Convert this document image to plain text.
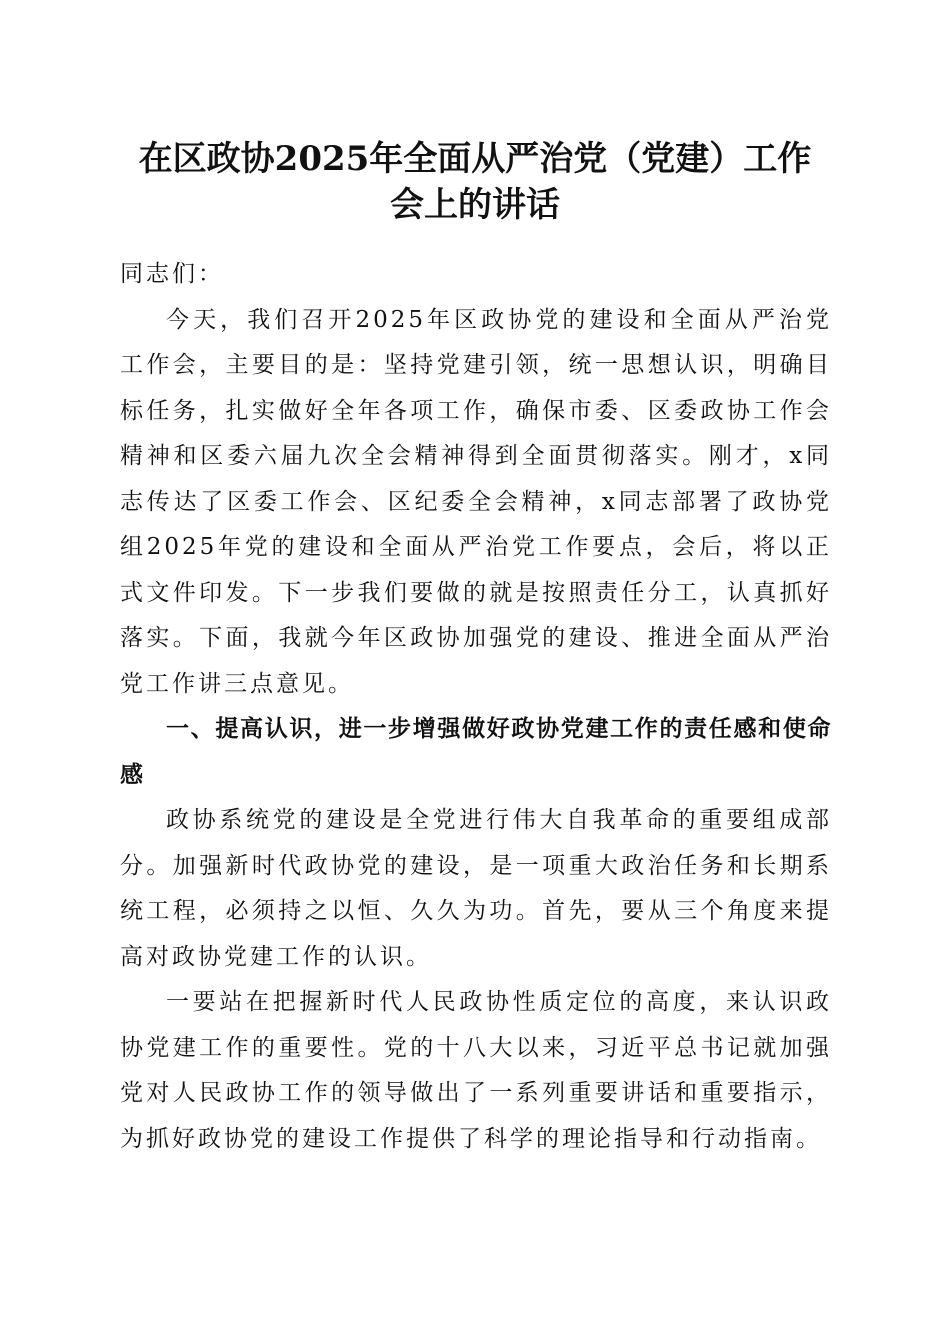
在区政协2025年全面从严治党（党建）工作
会上的讲话

同志们：

今天，我们召开2025年区政协党的建设和全面从严治党工作会，主要目的是：坚持党建引领，统一思想认识，明确目标任务，扎实做好全年各项工作，确保市委、区委政协工作会精神和区委六届九次全会精神得到全面贯彻落实。刚才，x同志传达了区委工作会、区纪委全会精神，x同志部署了政协党组2025年党的建设和全面从严治党工作要点，会后，将以正式文件印发。下一步我们要做的就是按照责任分工，认真抓好落实。下面，我就今年区政协加强党的建设、推进全面从严治党工作讲三点意见。

一、提高认识，进一步增强做好政协党建工作的责任感和使命感

政协系统党的建设是全党进行伟大自我革命的重要组成部分。加强新时代政协党的建设，是一项重大政治任务和长期系统工程，必须持之以恒、久久为功。首先，要从三个角度来提高对政协党建工作的认识。

一要站在把握新时代人民政协性质定位的高度，来认识政协党建工作的重要性。党的十八大以来，习近平总书记就加强党对人民政协工作的领导做出了一系列重要讲话和重要指示，为抓好政协党的建设工作提供了科学的理论指导和行动指南。
